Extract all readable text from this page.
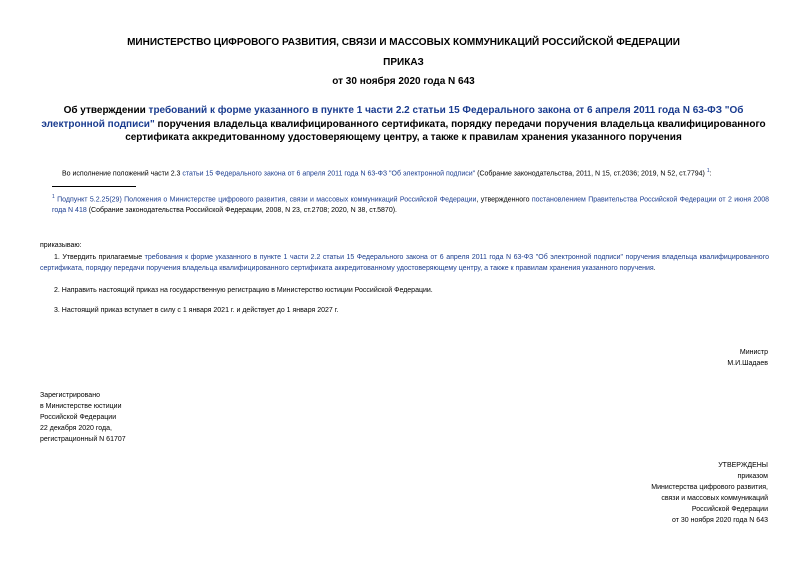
МИНИСТЕРСТВО ЦИФРОВОГО РАЗВИТИЯ, СВЯЗИ И МАССОВЫХ КОММУНИКАЦИЙ РОССИЙСКОЙ ФЕДЕРАЦИИ
ПРИКАЗ
от 30 ноября 2020 года N 643
Об утверждении требований к форме указанного в пункте 1 части 2.2 статьи 15 Федерального закона от 6 апреля 2011 года N 63-ФЗ "Об электронной подписи" поручения владельца квалифицированного сертификата, порядку передачи поручения владельца квалифицированного сертификата аккредитованному удостоверяющему центру, а также к правилам хранения указанного поручения
Во исполнение положений части 2.3 статьи 15 Федерального закона от 6 апреля 2011 года N 63-ФЗ "Об электронной подписи" (Собрание законодательства, 2011, N 15, ст.2036; 2019, N 52, ст.7794) $^1$:
$^1$ Подпункт 5.2.25(29) Положения о Министерстве цифрового развития, связи и массовых коммуникаций Российской Федерации, утвержденного постановлением Правительства Российской Федерации от 2 июня 2008 года N 418 (Собрание законодательства Российской Федерации, 2008, N 23, ст.2708; 2020, N 38, ст.5870).
приказываю:
1. Утвердить прилагаемые требования к форме указанного в пункте 1 части 2.2 статьи 15 Федерального закона от 6 апреля 2011 года N 63-ФЗ "Об электронной подписи" поручения владельца квалифицированного сертификата, порядку передачи поручения владельца квалифицированного сертификата аккредитованному удостоверяющему центру, а также к правилам хранения указанного поручения.
2. Направить настоящий приказ на государственную регистрацию в Министерство юстиции Российской Федерации.
3. Настоящий приказ вступает в силу с 1 января 2021 г. и действует до 1 января 2027 г.
Министр
М.И.Шадаев
Зарегистрировано
в Министерстве юстиции
Российской Федерации
22 декабря 2020 года,
регистрационный N 61707
УТВЕРЖДЕНЫ
приказом
Министерства цифрового развития,
связи и массовых коммуникаций
Российской Федерации
от 30 ноября 2020 года N 643
